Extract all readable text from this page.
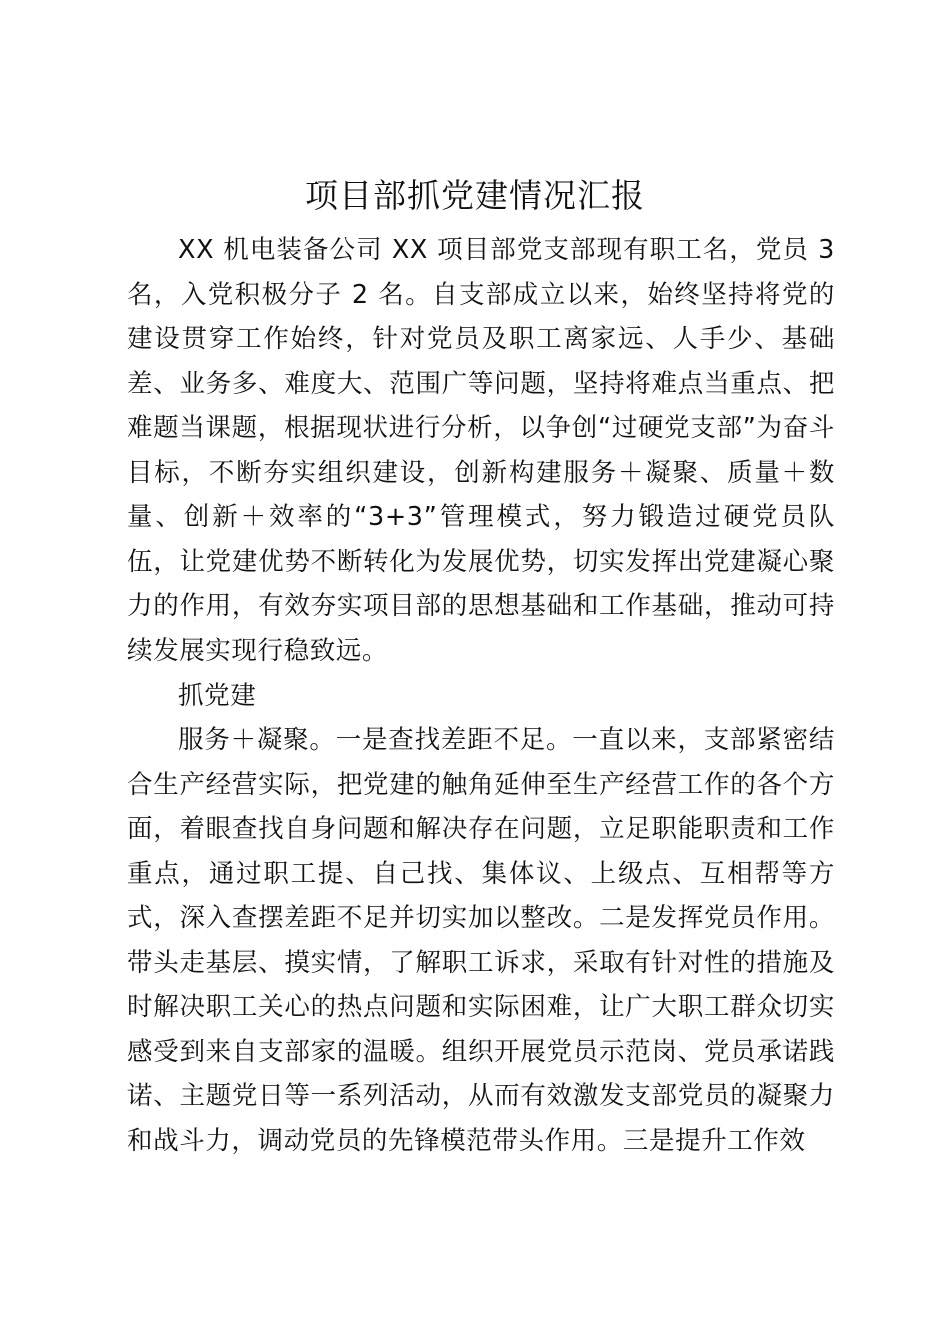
项目部抓党建情况汇报

XX 机电装备公司 XX 项目部党支部现有职工名，党员 3 名，入党积极分子 2 名。自支部成立以来，始终坚持将党的建设贯穿工作始终，针对党员及职工离家远、人手少、基础差、业务多、难度大、范围广等问题，坚持将难点当重点、把难题当课题，根据现状进行分析，以争创“过硬党支部”为奋斗目标，不断夯实组织建设，创新构建服务＋凝聚、质量＋数量、创新＋效率的“3+3”管理模式，努力锻造过硬党员队伍，让党建优势不断转化为发展优势，切实发挥出党建凝心聚力的作用，有效夯实项目部的思想基础和工作基础，推动可持续发展实现行稳致远。

抓党建

服务＋凝聚。一是查找差距不足。一直以来，支部紧密结合生产经营实际，把党建的触角延伸至生产经营工作的各个方面，着眼查找自身问题和解决存在问题，立足职能职责和工作重点，通过职工提、自己找、集体议、上级点、互相帮等方式，深入查摆差距不足并切实加以整改。二是发挥党员作用。带头走基层、摸实情，了解职工诉求，采取有针对性的措施及时解决职工关心的热点问题和实际困难，让广大职工群众切实感受到来自支部家的温暖。组织开展党员示范岗、党员承诺践诺、主题党日等一系列活动，从而有效激发支部党员的凝聚力和战斗力，调动党员的先锋模范带头作用。三是提升工作效
